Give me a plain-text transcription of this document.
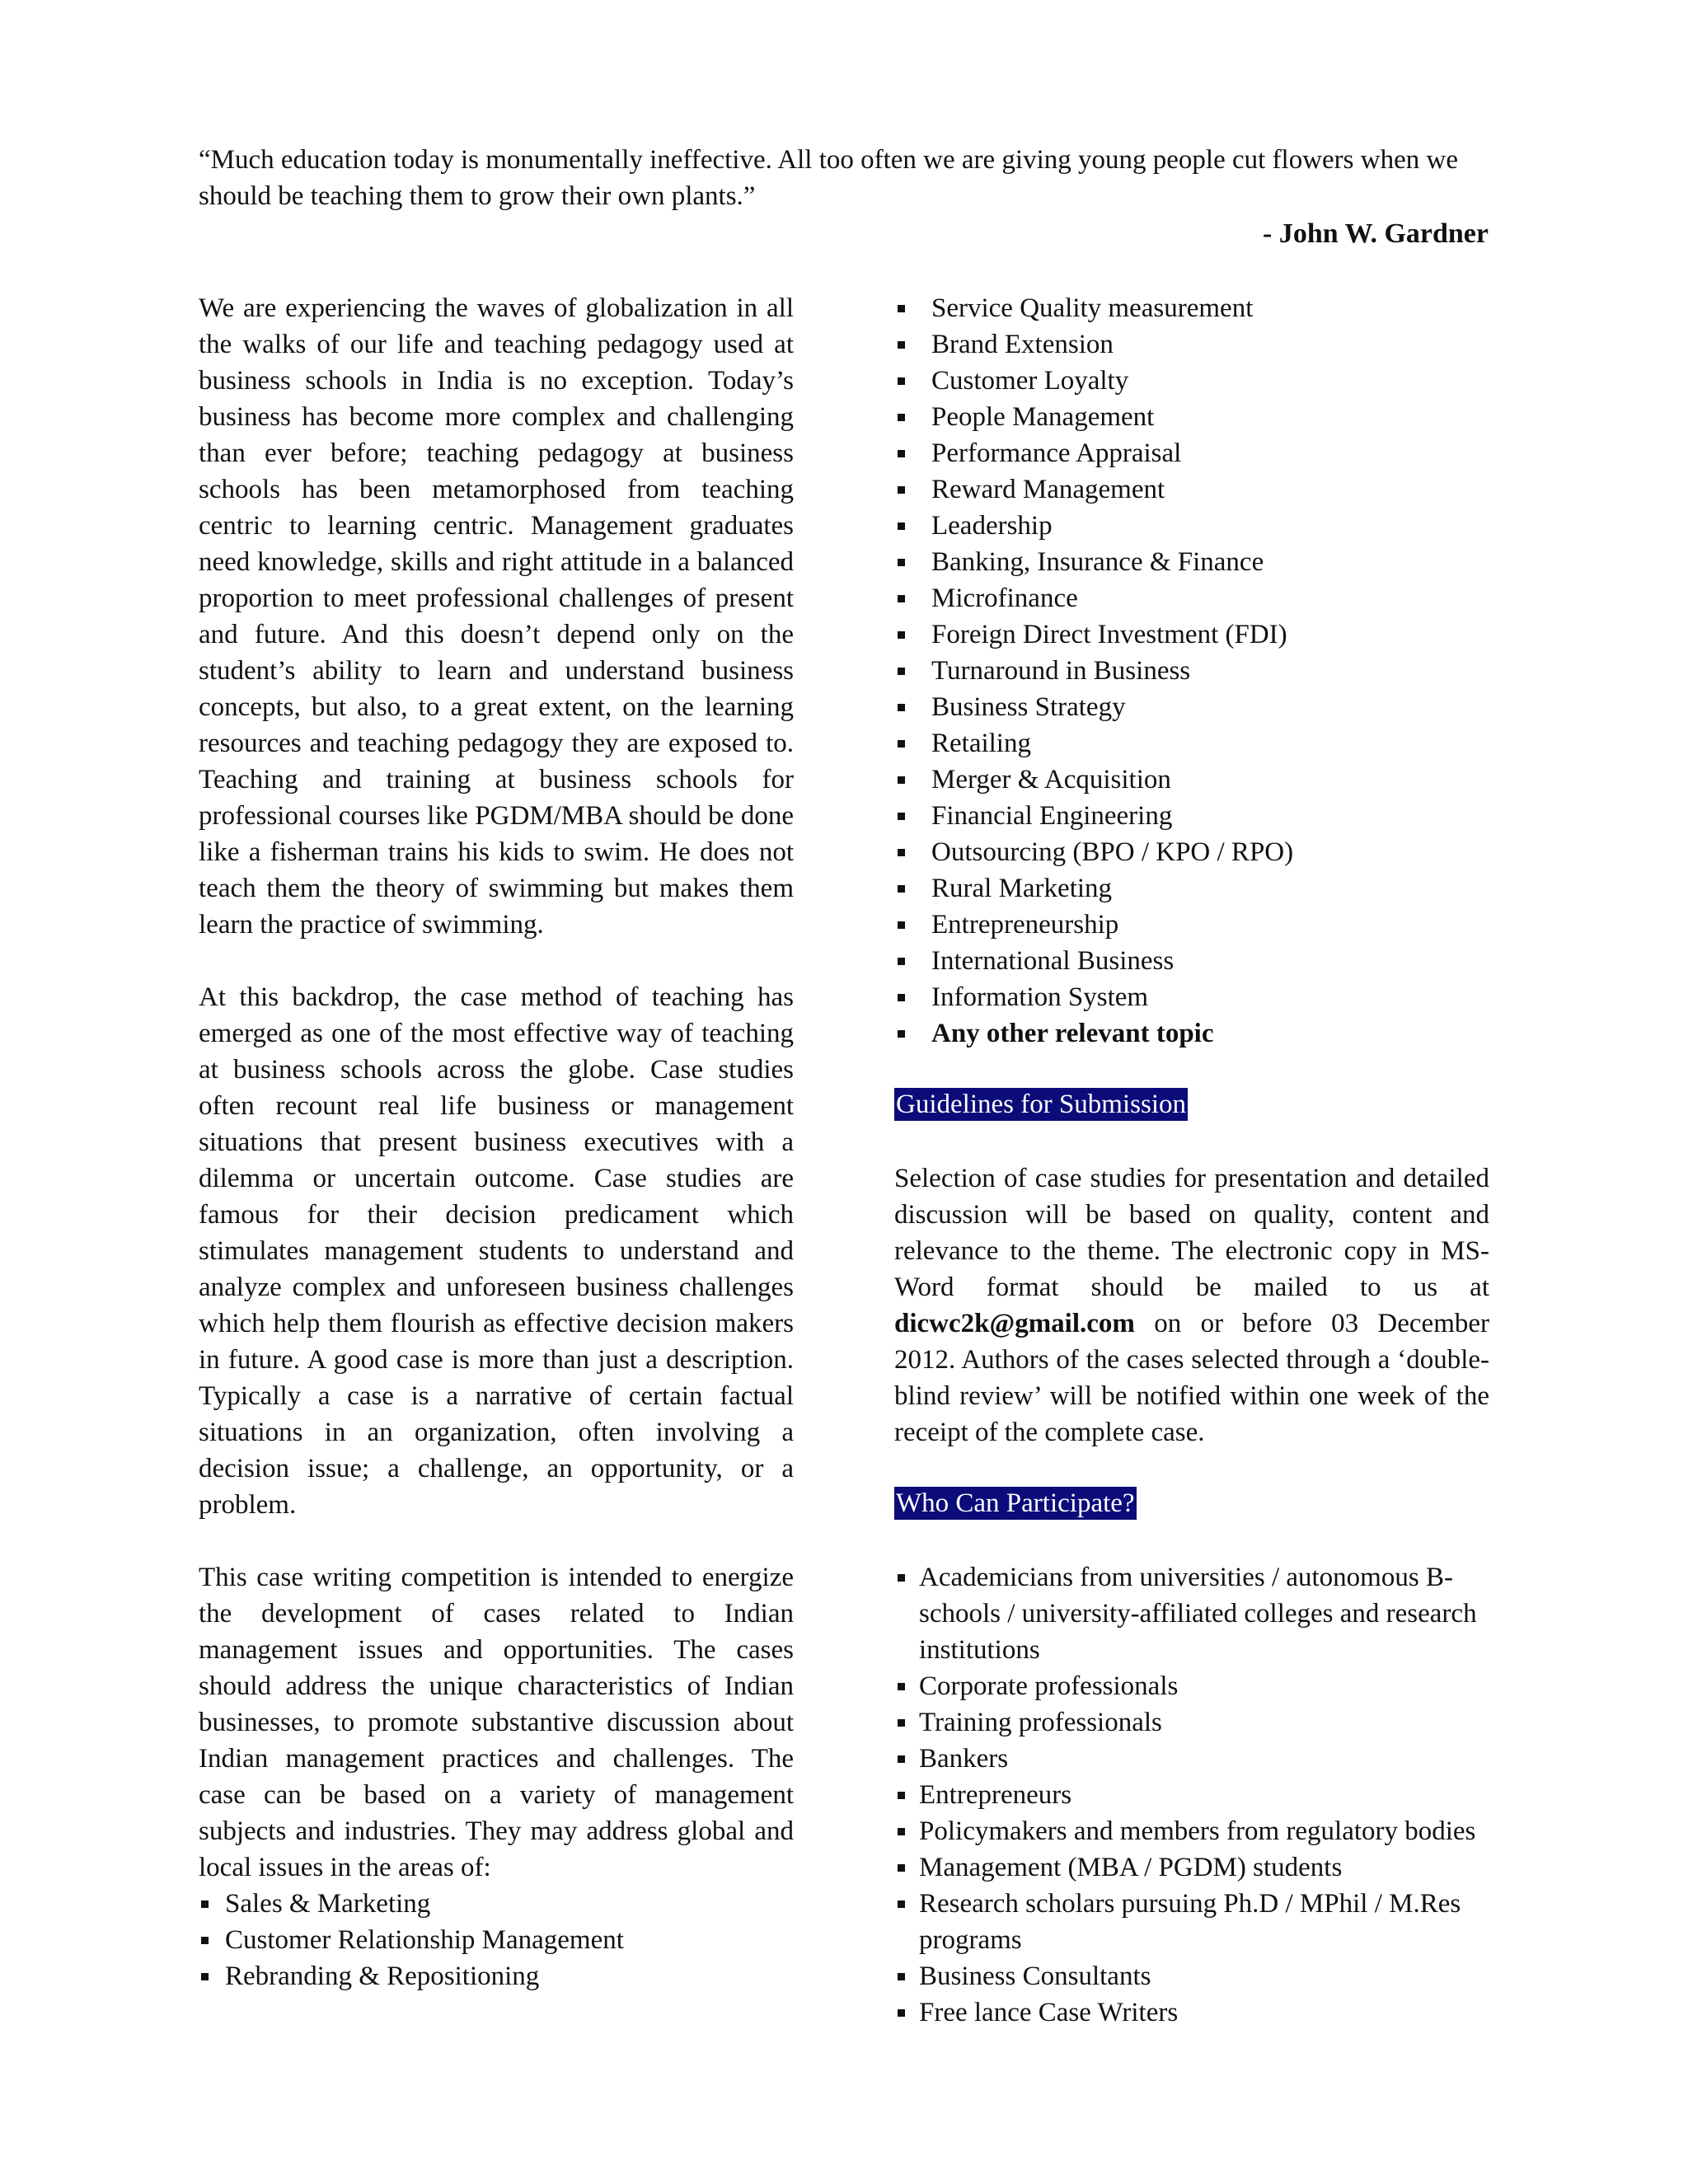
“Much education today is monumentally ineffective. All too often we are giving young people cut flowers when we should be teaching them to grow their own plants.”
- John W. Gardner

We are experiencing the waves of globalization in all the walks of our life and teaching pedagogy used at business schools in India is no exception. Today’s business has become more complex and challenging than ever before; teaching pedagogy at business schools has been metamorphosed from teaching centric to learning centric. Management graduates need knowledge, skills and right attitude in a balanced proportion to meet professional challenges of present and future. And this doesn’t depend only on the student’s ability to learn and understand business concepts, but also, to a great extent, on the learning resources and teaching pedagogy they are exposed to. Teaching and training at business schools for professional courses like PGDM/MBA should be done like a fisherman trains his kids to swim. He does not teach them the theory of swimming but makes them learn the practice of swimming.

At this backdrop, the case method of teaching has emerged as one of the most effective way of teaching at business schools across the globe. Case studies often recount real life business or management situations that present business executives with a dilemma or uncertain outcome. Case studies are famous for their decision predicament which stimulates management students to understand and analyze complex and unforeseen business challenges which help them flourish as effective decision makers in future. A good case is more than just a description. Typically a case is a narrative of certain factual situations in an organization, often involving a decision issue; a challenge, an opportunity, or a problem.

This case writing competition is intended to energize the development of cases related to Indian management issues and opportunities. The cases should address the unique characteristics of Indian businesses, to promote substantive discussion about Indian management practices and challenges. The case can be based on a variety of management subjects and industries. They may address global and local issues in the areas of:

Sales & Marketing
Customer Relationship Management
Rebranding & Repositioning
Service Quality measurement
Brand Extension
Customer Loyalty
People Management
Performance Appraisal
Reward Management
Leadership
Banking, Insurance & Finance
Microfinance
Foreign Direct Investment (FDI)
Turnaround in Business
Business Strategy
Retailing
Merger & Acquisition
Financial Engineering
Outsourcing (BPO / KPO / RPO)
Rural Marketing
Entrepreneurship
International Business
Information System
Any other relevant topic
Guidelines for Submission

Selection of case studies for presentation and detailed discussion will be based on quality, content and relevance to the theme. The electronic copy in MS-Word format should be mailed to us at dicwc2k@gmail.com on or before 03 December 2012. Authors of the cases selected through a ‘double-blind review’ will be notified within one week of the receipt of the complete case.

Who Can Participate?
Academicians from universities / autonomous B-schools / university-affiliated colleges and research institutions
Corporate professionals
Training professionals
Bankers
Entrepreneurs
Policymakers and members from regulatory bodies
Management (MBA / PGDM) students
Research scholars pursuing Ph.D / MPhil / M.Res programs
Business Consultants
Free lance Case Writers
